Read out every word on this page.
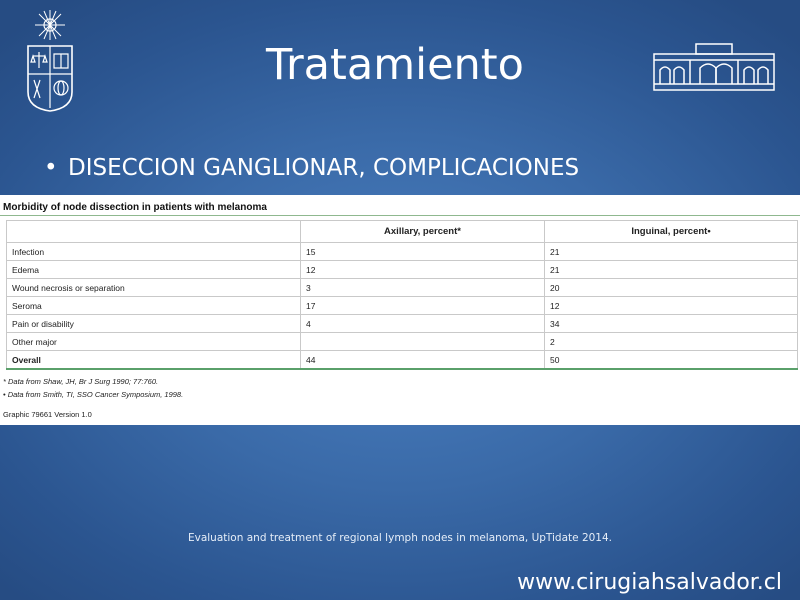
Tratamiento
• DISECCION GANGLIONAR, COMPLICACIONES
Morbidity of node dissection in patients with melanoma
	Axillary, percent*	Inguinal, percent•
Infection	15	21
Edema	12	21
Wound necrosis or separation	3	20
Seroma	17	12
Pain or disability	4	34
Other major		2
Overall	44	50
* Data from Shaw, JH, Br J Surg 1990; 77:760.
• Data from Smith, TI, SSO Cancer Symposium, 1998.
Graphic 79661 Version 1.0
Evaluation and treatment of regional lymph nodes in melanoma, UpTidate 2014.
www.cirugiahsalvador.cl
